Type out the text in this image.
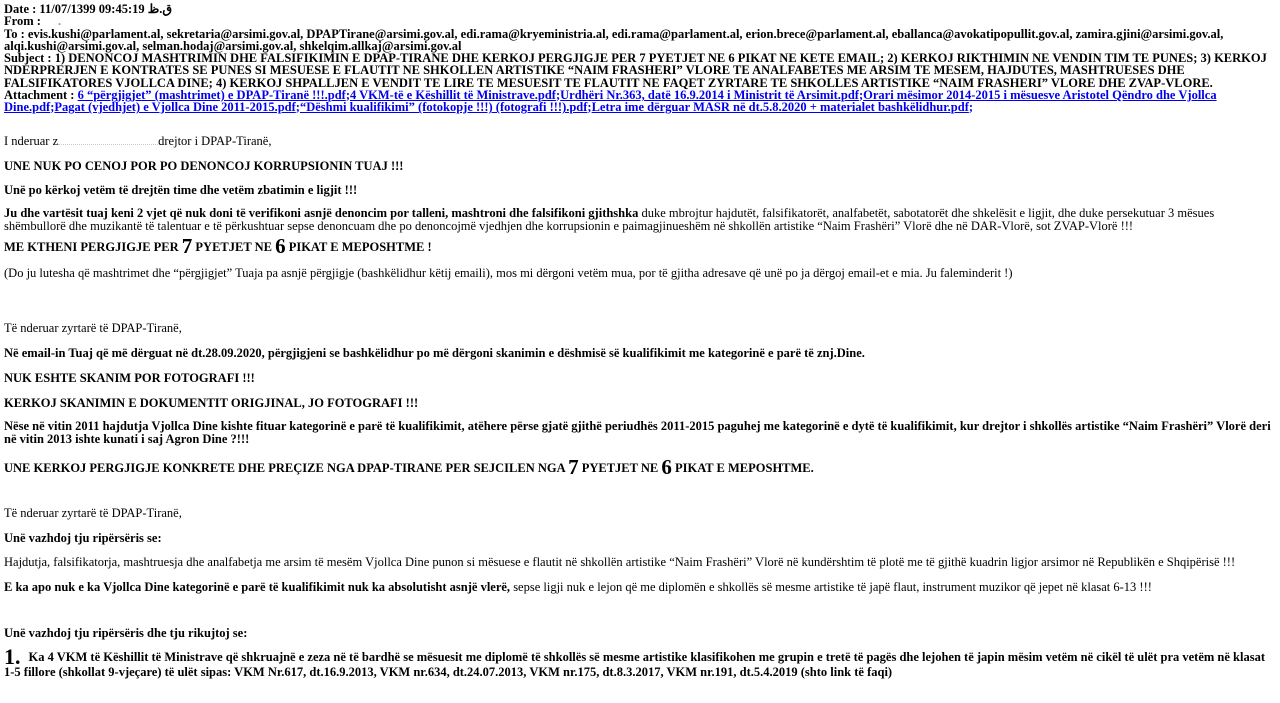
Date : 11/07/1399 09:45:19 ق.ظ
From : .
To : evis.kushi@parlament.al, sekretaria@arsimi.gov.al, DPAPTirane@arsimi.gov.al, edi.rama@kryeministria.al, edi.rama@parlament.al, erion.brece@parlament.al, eballanca@avokatipopullit.gov.al, zamira.gjini@arsimi.gov.al, alqi.kushi@arsimi.gov.al, selman.hodaj@arsimi.gov.al, shkelqim.allkaj@arsimi.gov.al
Subject : 1) DENONCOJ MASHTRIMIN DHE FALSIFIKIMIN E DPAP-TIRANE DHE KERKOJ PERGJIGJE PER 7 PYETJET NE 6 PIKAT NE KETE EMAIL; 2) KERKOJ RIKTHIMIN NE VENDIN TIM TE PUNES; 3) KERKOJ NDERPRERJEN E KONTRATES SE PUNES SI MESUESE E FLAUTIT NE SHKOLLEN ARTISTIKE “NAIM FRASHERI” VLORE TE ANALFABETES ME ARSIM TE MESEM, HAJDUTES, MASHTRUESES DHE FALSIFIKATORES VJOLLCA DINE; 4) KERKOJ SHPALLJEN E VENDIT TE LIRE TE MESUESIT TE FLAUTIT NE FAQET ZYRTARE TE SHKOLLES ARTISTIKE “NAIM FRASHERI” VLORE DHE ZVAP-VLORE.
Attachment : 6 “përgjigjet” (mashtrimet) e DPAP-Tiranë !!!.pdf;4 VKM-të e Këshillit të Ministrave.pdf;Urdhëri Nr.363, datë 16.9.2014 i Ministrit të Arsimit.pdf;Orari mësimor 2014-2015 i mësuesve Aristotel Qëndro dhe Vjollca Dine.pdf;Pagat (vjedhjet) e Vjollca Dine 2011-2015.pdf;“Dëshmi kualifikimi” (fotokopje !!!) (fotografi !!!).pdf;Letra ime dërguar MASR në dt.5.8.2020 + materialet bashkëlidhur.pdf;

I nderuar z	drejtor i DPAP-Tiranë,

UNE NUK PO CENOJ POR PO DENONCOJ KORRUPSIONIN TUAJ !!!

Unë po kërkoj vetëm të drejtën time dhe vetëm zbatimin e ligjit !!!

Ju dhe vartësit tuaj keni 2 vjet që nuk doni të verifikoni asnjë denoncim por talleni, mashtroni dhe falsifikoni gjithshka duke mbrojtur hajdutët, falsifikatorët, analfabetët, sabotatorët dhe shkelësit e ligjit, dhe duke persekutuar 3 mësues shëmbullorë dhe muzikantë të talentuar e të përkushtuar sepse denoncuam dhe po denoncojmë vjedhjen dhe korrupsionin e paimagjinueshëm në shkollën artistike “Naim Frashëri” Vlorë dhe në DAR-Vlorë, sot ZVAP-Vlorë !!!

ME KTHENI PERGJIGJE PER 7 PYETJET NE 6 PIKAT E MEPOSHTME !

(Do ju lutesha që mashtrimet dhe “përgjigjet” Tuaja pa asnjë përgjigje (bashkëlidhur këtij emaili), mos mi dërgoni vetëm mua, por të gjitha adresave që unë po ja dërgoj email-et e mia. Ju faleminderit !)

Të nderuar zyrtarë të DPAP-Tiranë,

Në email-in Tuaj që më dërguat në dt.28.09.2020, përgjigjeni se bashkëlidhur po më dërgoni skanimin e dëshmisë së kualifikimit me kategorinë e parë të znj.Dine.

NUK ESHTE SKANIM POR FOTOGRAFI !!!

KERKOJ SKANIMIN E DOKUMENTIT ORIGJINAL, JO FOTOGRAFI !!!

Nëse në vitin 2011 hajdutja Vjollca Dine kishte fituar kategorinë e parë të kualifikimit, atëhere përse gjatë gjithë periudhës 2011-2015 paguhej me kategorinë e dytë të kualifikimit, kur drejtor i shkollës artistike “Naim Frashëri” Vlorë deri në vitin 2013 ishte kunati i saj Agron Dine ?!!!

UNE KERKOJ PERGJIGJE KONKRETE DHE PREÇIZE NGA DPAP-TIRANE PER SEJCILEN NGA 7 PYETJET NE 6 PIKAT E MEPOSHTME.

Të nderuar zyrtarë të DPAP-Tiranë,

Unë vazhdoj tju ripërsëris se:

Hajdutja, falsifikatorja, mashtruesja dhe analfabetja me arsim të mesëm Vjollca Dine punon si mësuese e flautit në shkollën artistike “Naim Frashëri” Vlorë në kundërshtim të plotë me të gjithë kuadrin ligjor arsimor në Republikën e Shqipërisë !!!

E ka apo nuk e ka Vjollca Dine kategorinë e parë të kualifikimit nuk ka absolutisht asnjë vlerë, sepse ligji nuk e lejon që me diplomën e shkollës së mesme artistike të japë flaut, instrument muzikor që jepet në klasat 6-13 !!!

Unë vazhdoj tju ripërsëris dhe tju rikujtoj se:

1. Ka 4 VKM të Këshillit të Ministrave që shkruajnë e zeza në të bardhë se mësuesit me diplomë të shkollës së mesme artistike klasifikohen me grupin e tretë të pagës dhe lejohen të japin mësim vetëm në cikël të ulët pra vetëm në klasat 1-5 fillore (shkollat 9-vjeçare) të ulët sipas: VKM Nr.617, dt.16.9.2013, VKM nr.634, dt.24.07.2013, VKM nr.175, dt.8.3.2017, VKM nr.191, dt.5.4.2019 (shto link të faqi)
